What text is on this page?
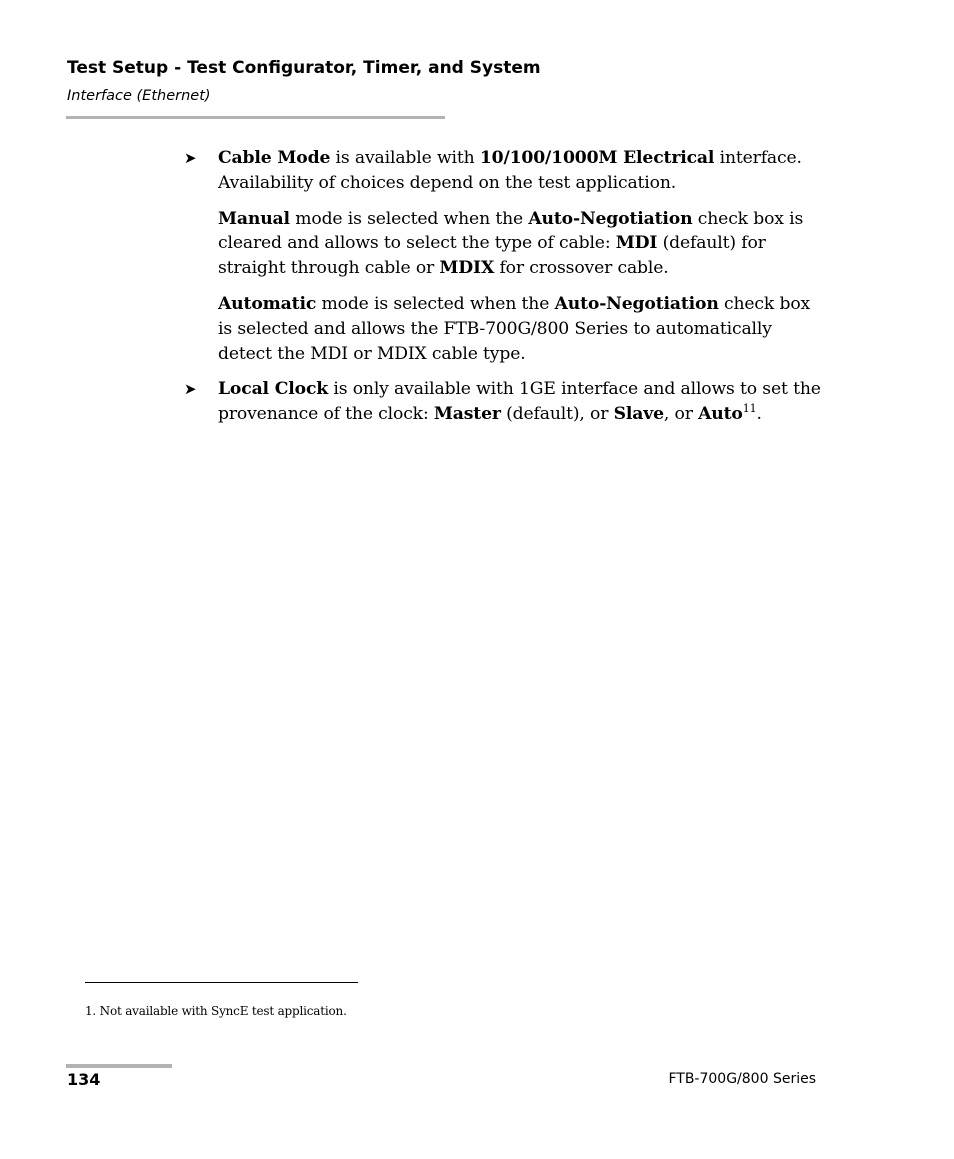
Test Setup - Test Configurator, Timer, and System
Interface (Ethernet)

➤ Cable Mode is available with 10/100/1000M Electrical interface. Availability of choices depend on the test application.

Manual mode is selected when the Auto-Negotiation check box is cleared and allows to select the type of cable: MDI (default) for straight through cable or MDIX for crossover cable.

Automatic mode is selected when the Auto-Negotiation check box is selected and allows the FTB-700G/800 Series to automatically detect the MDI or MDIX cable type.

➤ Local Clock is only available with 1GE interface and allows to set the provenance of the clock: Master (default), or Slave, or Auto$^{11}$.

1. Not available with SyncE test application.
134	FTB-700G/800 Series
